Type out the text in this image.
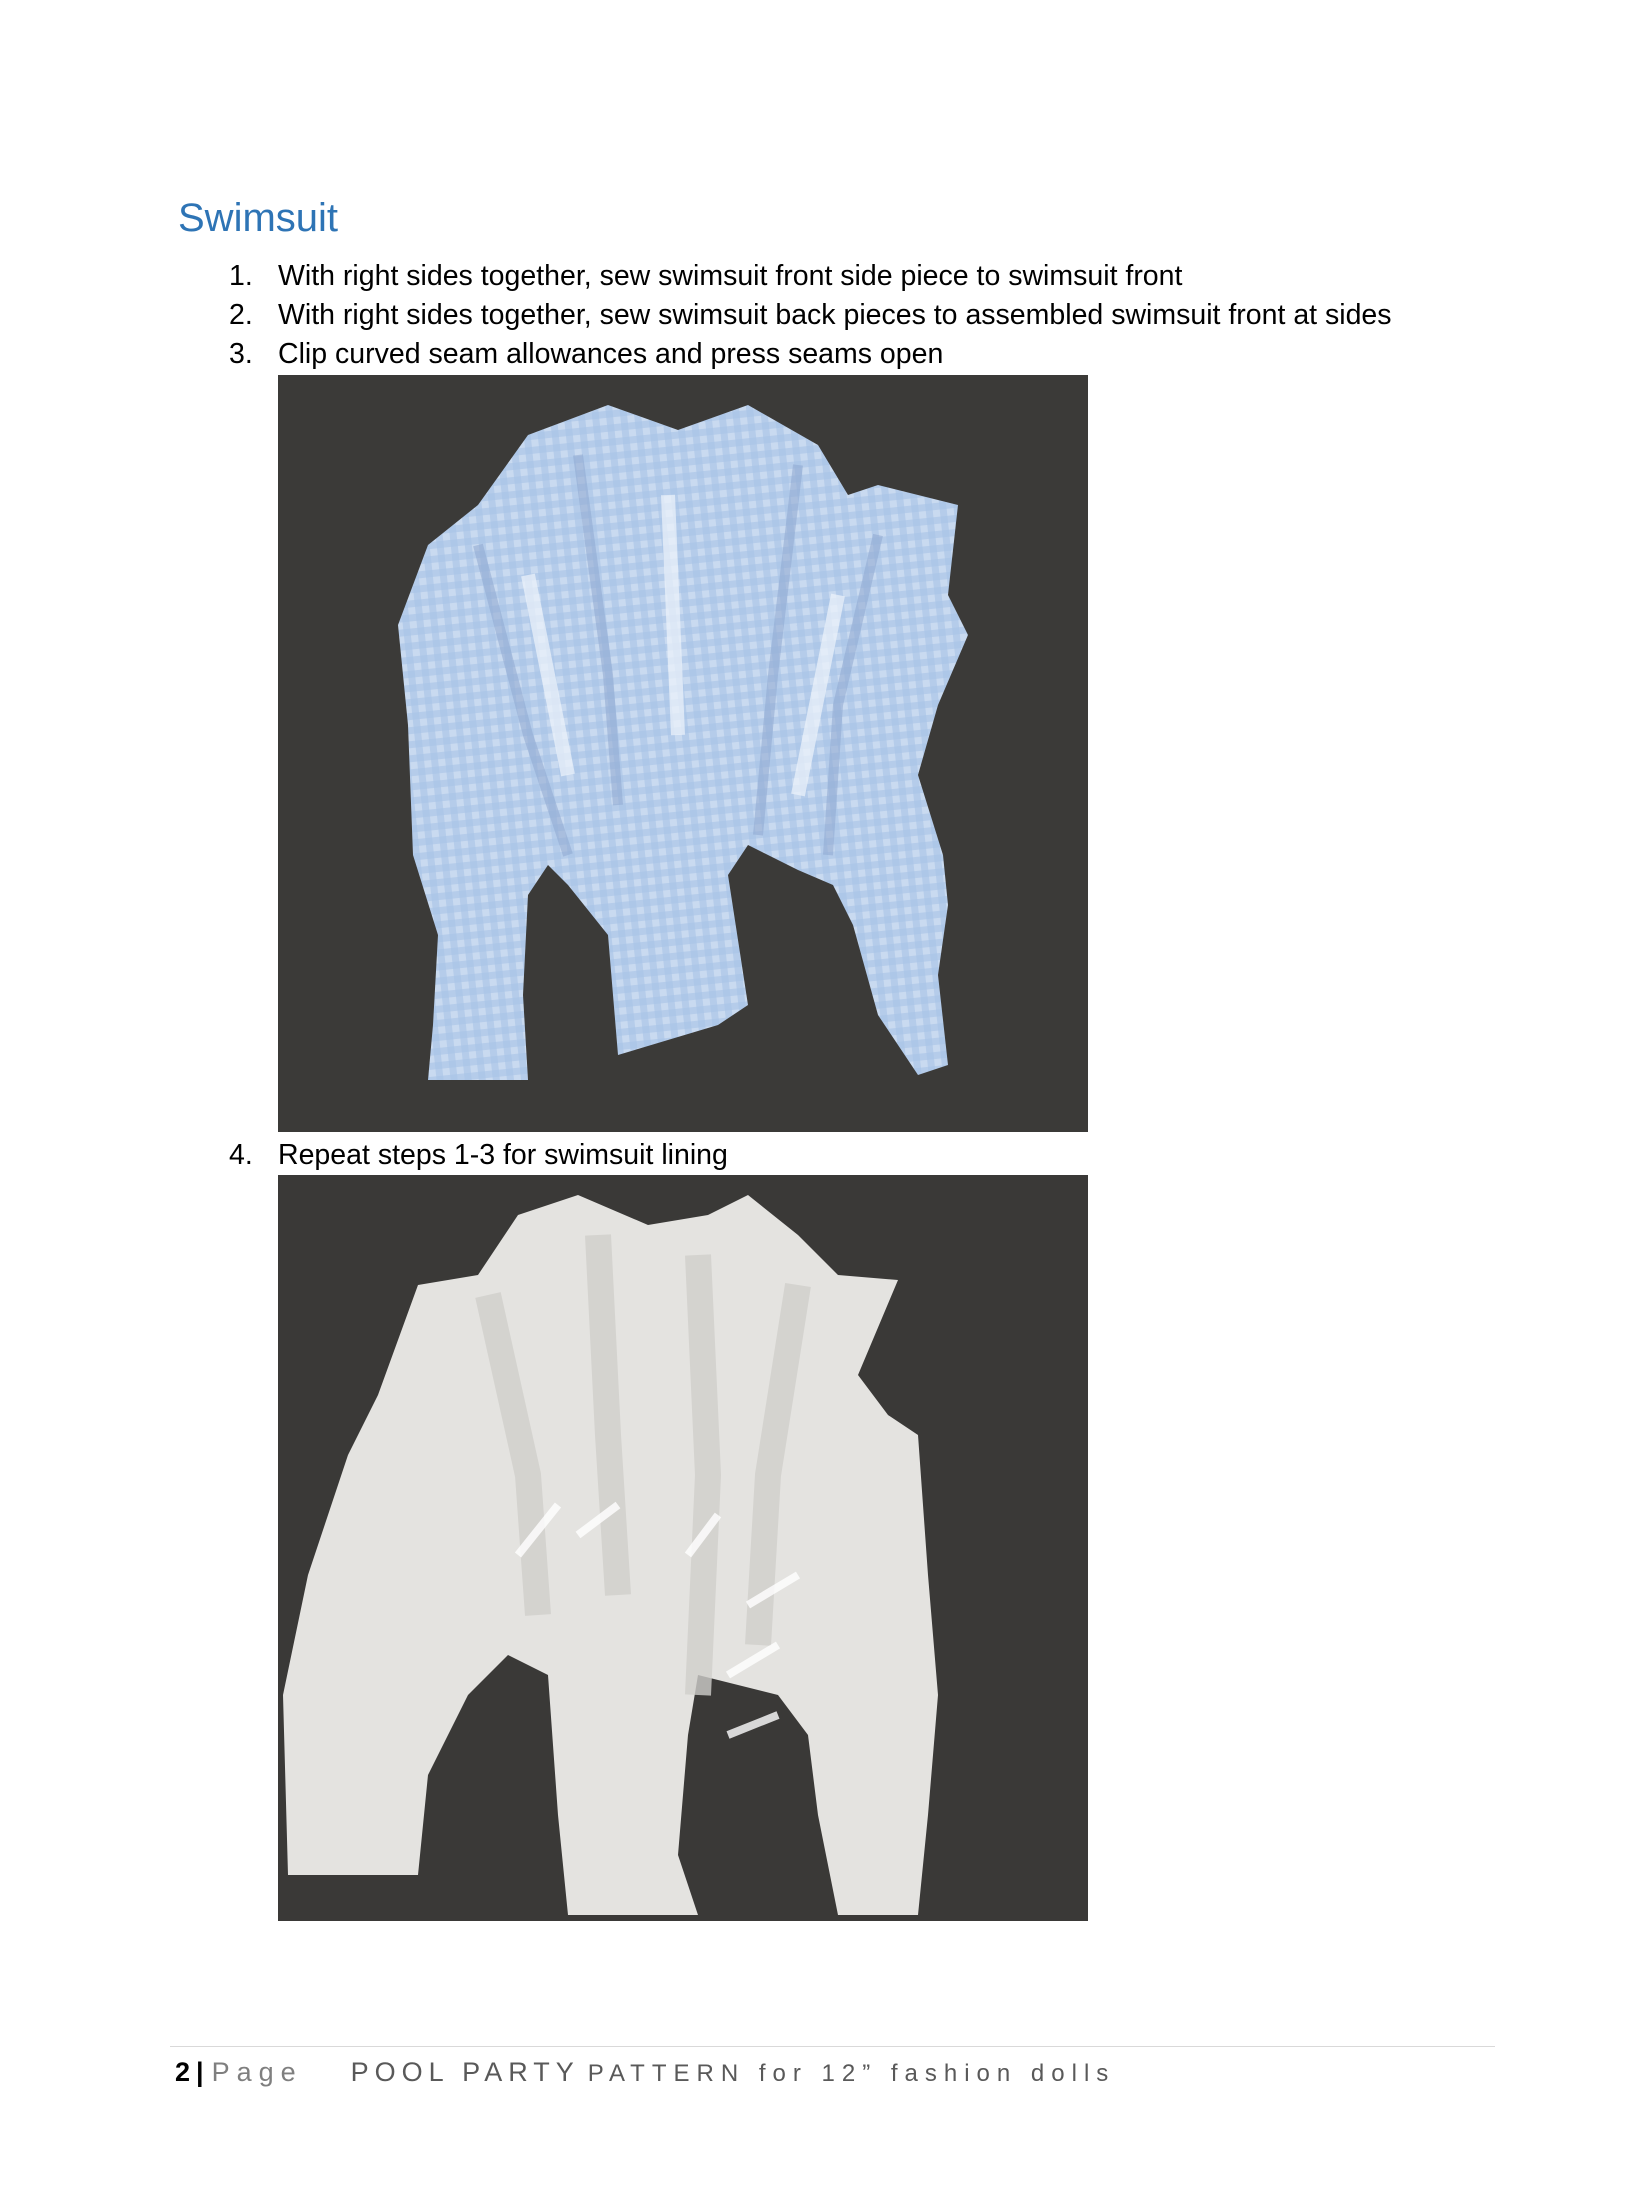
Swimsuit
1. With right sides together, sew swimsuit front side piece to swimsuit front
2. With right sides together, sew swimsuit back pieces to assembled swimsuit front at sides
3. Clip curved seam allowances and press seams open
4. Repeat steps 1-3 for swimsuit lining
2 | Page POOL PARTY PATTERN for 12” fashion dolls
